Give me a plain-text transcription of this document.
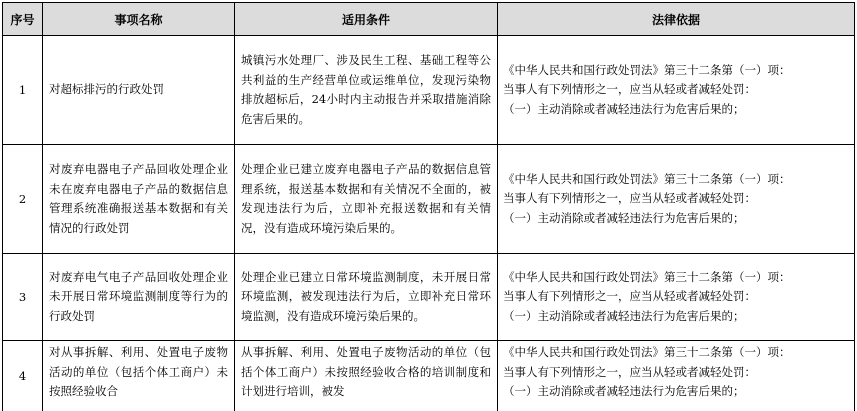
序号	事项名称	适用条件	法律依据
1	对超标排污的行政处罚	城镇污水处理厂、涉及民生工程、基础工程等公共利益的生产经营单位或运维单位，发现污染物排放超标后，24小时内主动报告并采取措施消除危害后果的。	《中华人民共和国行政处罚法》第三十二条第（一）项：
当事人有下列情形之一，应当从轻或者减轻处罚：
（一）主动消除或者减轻违法行为危害后果的；

2	对废弃电器电子产品回收处理企业未在废弃电器电子产品的数据信息管理系统准确报送基本数据和有关情况的行政处罚	处理企业已建立废弃电器电子产品的数据信息管理系统，报送基本数据和有关情况不全面的，被发现违法行为后，立即补充报送数据和有关情况，没有造成环境污染后果的。	《中华人民共和国行政处罚法》第三十二条第（一）项：
当事人有下列情形之一，应当从轻或者减轻处罚：
（一）主动消除或者减轻违法行为危害后果的；

3	对废弃电气电子产品回收处理企业未开展日常环境监测制度等行为的行政处罚	处理企业已建立日常环境监测制度，未开展日常环境监测，被发现违法行为后，立即补充日常环境监测，没有造成环境污染后果的。	《中华人民共和国行政处罚法》第三十二条第（一）项：
当事人有下列情形之一，应当从轻或者减轻处罚：
（一）主动消除或者减轻违法行为危害后果的；

4	对从事拆解、利用、处置电子废物活动的单位（包括个体工商户）未按照经验收合	从事拆解、利用、处置电子废物活动的单位（包括个体工商户）未按照经验收合格的培训制度和计划进行培训，被发	《中华人民共和国行政处罚法》第三十二条第（一）项：
当事人有下列情形之一，应当从轻或者减轻处罚：
（一）主动消除或者减轻违法行为危害后果的；
